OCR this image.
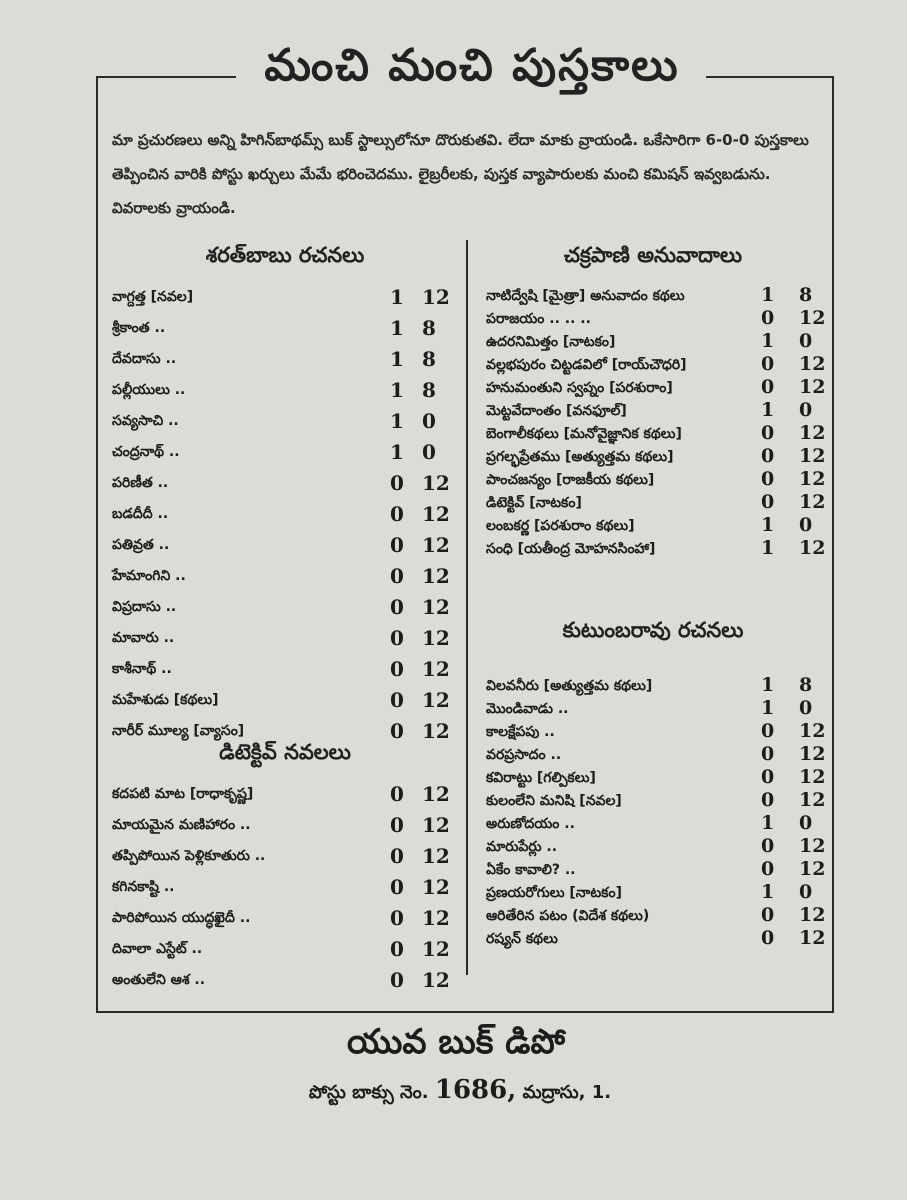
మంచి మంచి పుస్తకాలు
మా ప్రచురణలు అన్ని హిగిన్‌బాథమ్స్ బుక్ స్టాల్సులోనూ దొరుకుతవి. లేదా మాకు వ్రాయండి. ఒకేసారిగా 6-0-0 పుస్తకాలు తెప్పించిన వారికి పోస్టు ఖర్చులు మేమే భరించెదము. లైబ్రరీలకు, పుస్తక వ్యాపారులకు మంచి కమిషన్ ఇవ్వబడును. వివరాలకు వ్రాయండి.
శరత్‌బాబు రచనలు
వాగ్దత్త [నవల]	1 12
శ్రీకాంత ..	1 8
దేవదాసు ..	1 8
పల్లీయులు ..	1 8
సవ్యసాచి ..	1 0
చంద్రనాథ్ ..	1 0
పరిణీత ..	0 12
బడదీదీ ..	0 12
పతివ్రత ..	0 12
హేమాంగిని ..	0 12
విప్రదాసు ..	0 12
మావారు ..	0 12
కాశీనాథ్ ..	0 12
మహేశుడు [కథలు]	0 12
నారీర్ మూల్య [వ్యాసం]	0 12
డిటెక్టివ్ నవలలు
కదపటి మాట [రాధాకృష్ణ]	0 12
మాయమైన మణిహారం ..	0 12
తప్పిపోయిన పెళ్లికూతురు ..	0 12
కగినకాష్టి ..	0 12
పారిపోయిన యుద్ధఖైదీ ..	0 12
దివాలా ఎస్టేట్ ..	0 12
అంతులేని ఆశ ..	0 12
చక్రపాణి అనువాదాలు
నాటిద్వేషి [మైత్రా] అనువాదం కథలు	1 8
పరాజయం .. .. ..	0 12
ఉదరనిమిత్తం [నాటకం]	1 0
వల్లభపురం చిట్టడవిలో [రాయ్‌చౌధరి]	0 12
హనుమంతుని స్వప్నం [పరశురాం]	0 12
మెట్టవేదాంతం [వనఫూల్]	1 0
బెంగాలీకథలు [మనోవైజ్ఞానిక కథలు]	0 12
ప్రగల్భప్రేతము [అత్యుత్తమ కథలు]	0 12
పాంచజన్యం [రాజకీయ కథలు]	0 12
డిటెక్టివ్ [నాటకం]	0 12
లంబకర్ణ [పరశురాం కథలు]	1 0
సంధి [యతీంద్ర మోహనసింహా]	1 12
కుటుంబరావు రచనలు
విలవనీరు [అత్యుత్తమ కథలు]	1 8
మొండివాడు ..	1 0
కాలక్షేపపు ..	0 12
వరప్రసాదం ..	0 12
కవిరాట్టు [గల్పికలు]	0 12
కులంలేని మనిషి [నవల]	0 12
అరుణోదయం ..	1 0
మారుపేర్లు ..	0 12
ఏకేం కావాలి? ..	0 12
ప్రణయరోగులు [నాటకం]	1 0
ఆరితేరిన పటం (విదేశ కథలు)	0 12
రష్యన్ కథలు	0 12
యువ బుక్ డిపో
పోస్టు బాక్సు నెం. 1686, మద్రాసు, 1.
